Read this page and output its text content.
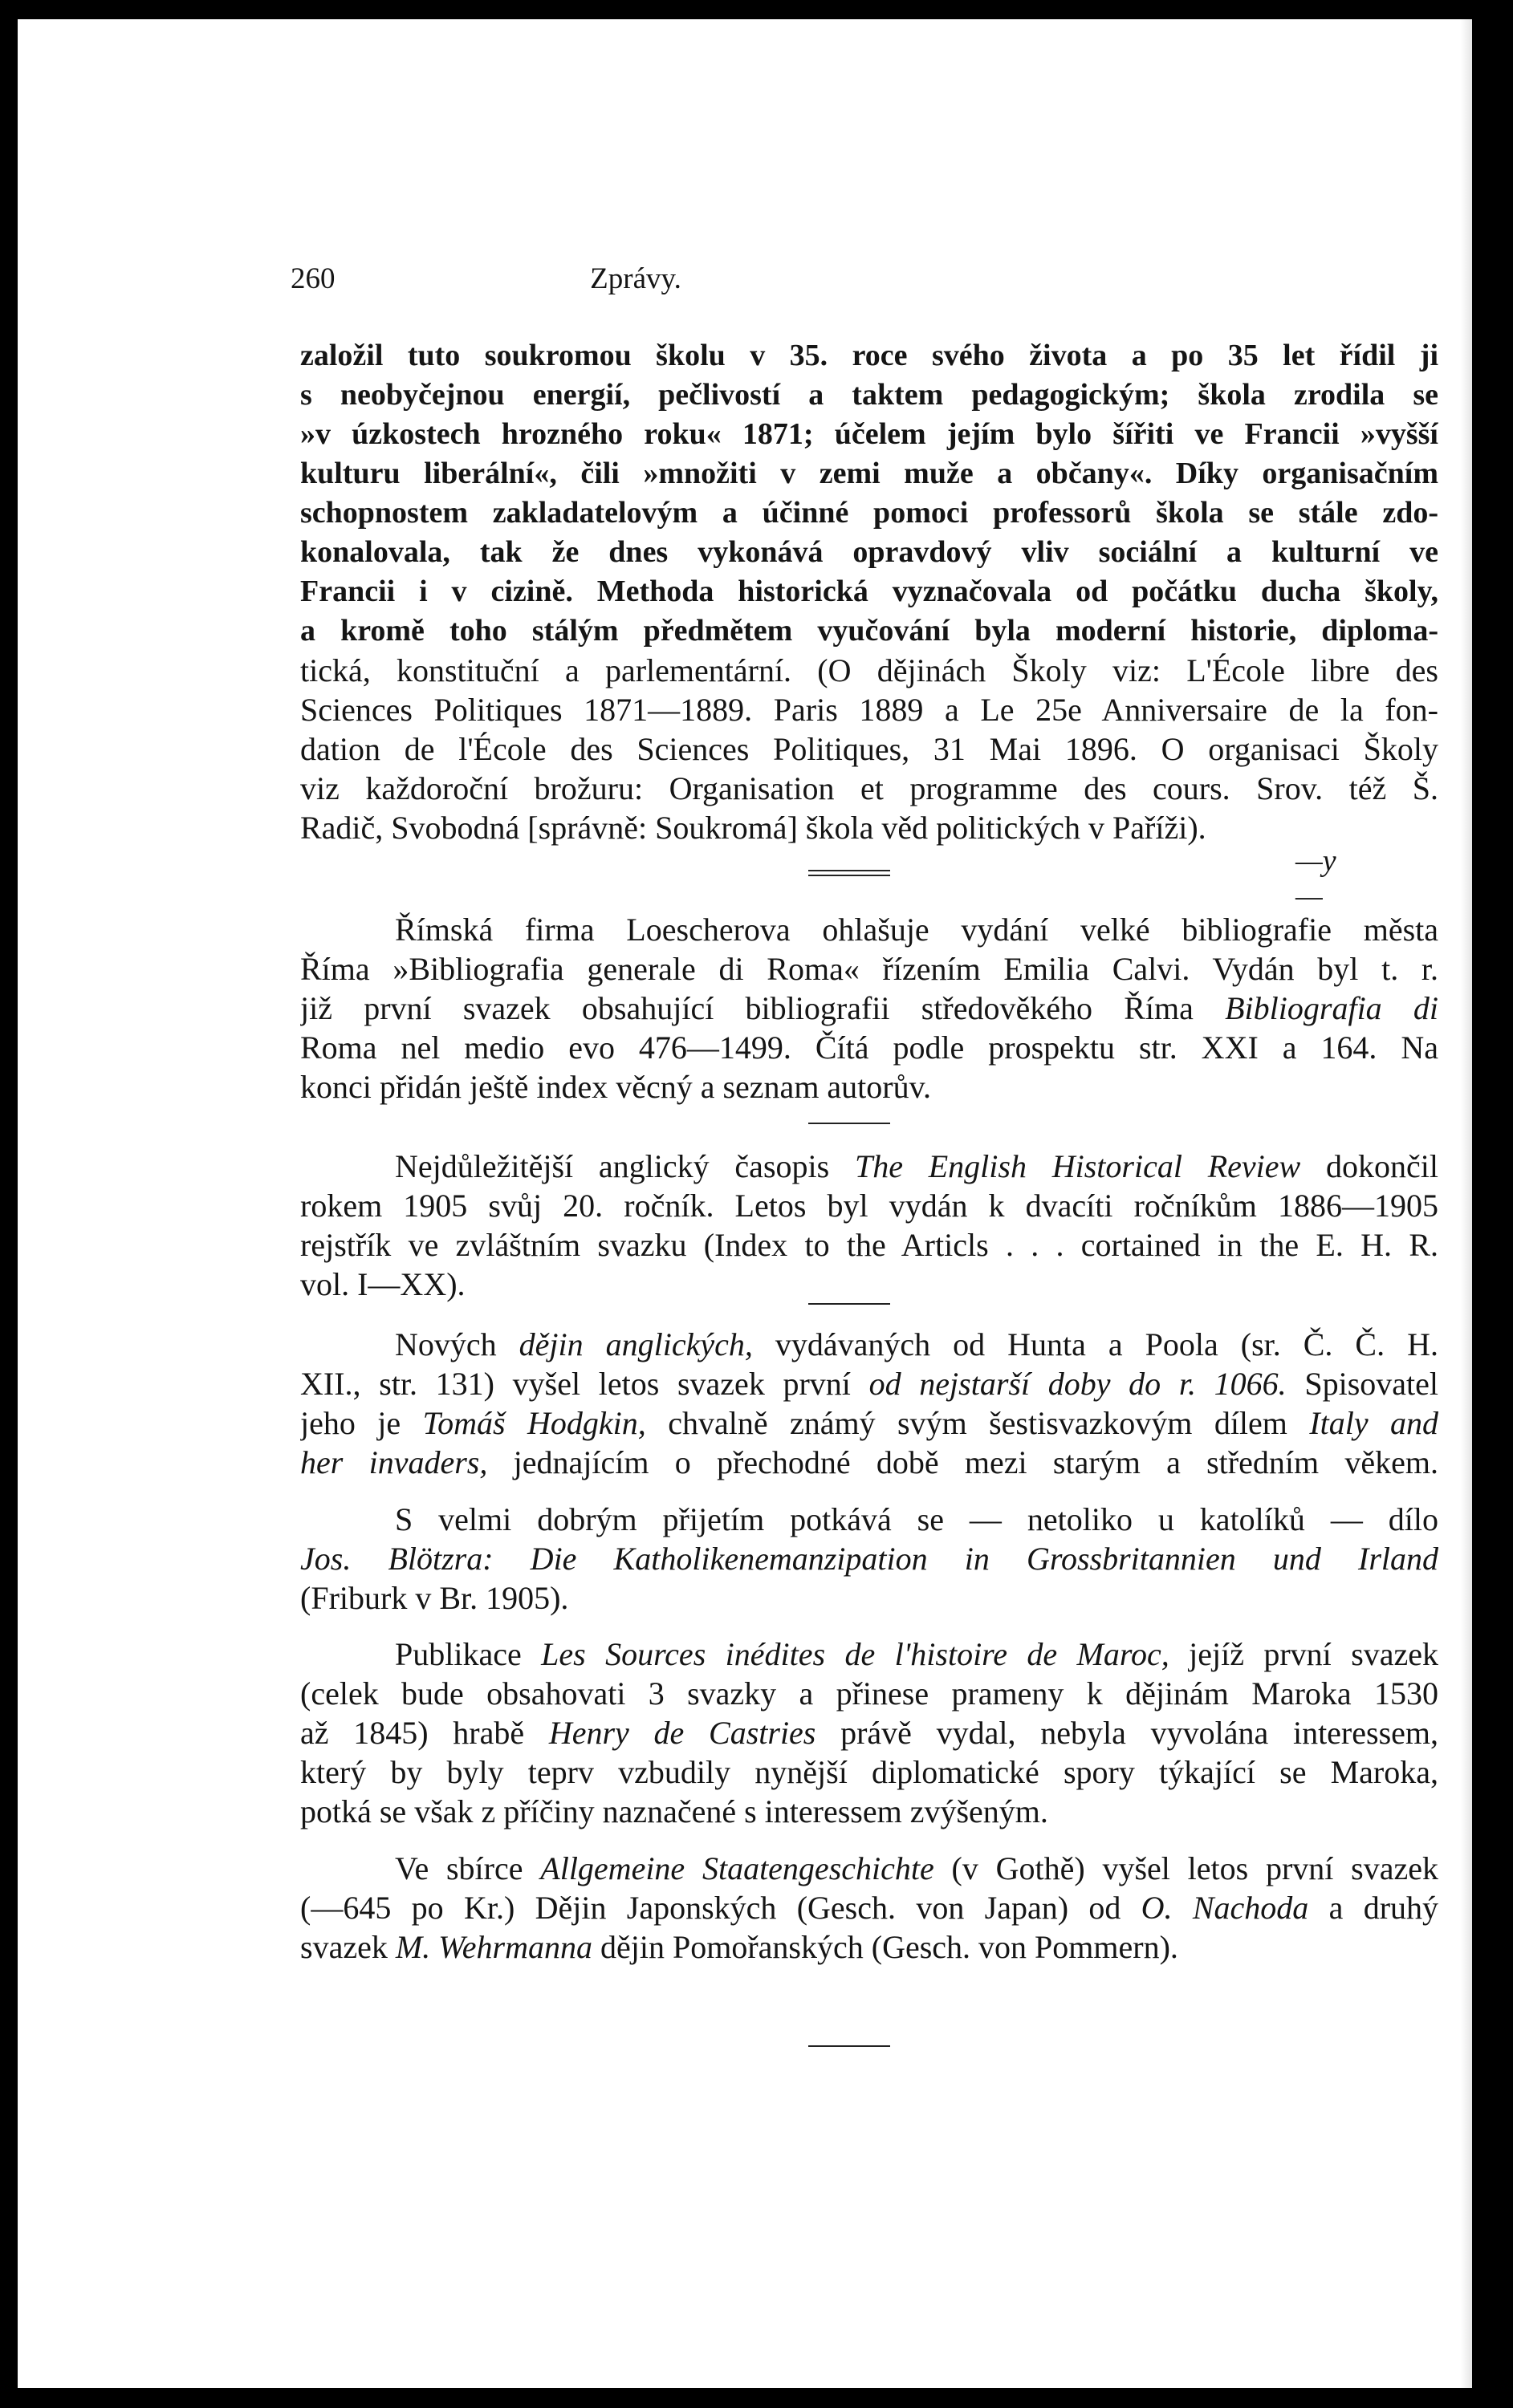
260	Zprávy.
založil tuto soukromou školu v 35. roce svého života a po 35 let řídil ji
s neobyčejnou energií, pečlivostí a taktem pedagogickým; škola zrodila se
»v úzkostech hrozného roku« 1871; účelem jejím bylo šířiti ve Francii »vyšší
kulturu liberální«, čili »množiti v zemi muže a občany«. Díky organisačním
schopnostem zakladatelovým a účinné pomoci professorů škola se stále zdo-
konalovala, tak že dnes vykonává opravdový vliv sociální a kulturní ve
Francii i v cizině. Methoda historická vyznačovala od počátku ducha školy,
a kromě toho stálým předmětem vyučování byla moderní historie, diploma-
tická, konstituční a parlementární. (O dějinách Školy viz: L'École libre des
Sciences Politiques 1871—1889. Paris 1889 a Le 25e Anniversaire de la fon-
dation de l'École des Sciences Politiques, 31 Mai 1896. O organisaci Školy
viz každoroční brožuru: Organisation et programme des cours. Srov. též Š.
Radič, Svobodná [správně: Soukromá] škola věd politických v Paříži).
—y—
Římská firma Loescherova ohlašuje vydání velké bibliografie města
Říma »Bibliografia generale di Roma« řízením Emilia Calvi. Vydán byl t. r.
již první svazek obsahující bibliografii středověkého Říma Bibliografia di
Roma nel medio evo 476—1499. Čítá podle prospektu str. XXI a 164. Na
konci přidán ještě index věcný a seznam autorův.
Nejdůležitější anglický časopis The English Historical Review dokončil
rokem 1905 svůj 20. ročník. Letos byl vydán k dvacíti ročníkům 1886—1905
rejstřík ve zvláštním svazku (Index to the Articls . . . cortained in the E. H. R.
vol. I—XX).
Nových dějin anglických, vydávaných od Hunta a Poola (sr. Č. Č. H.
XII., str. 131) vyšel letos svazek první od nejstarší doby do r. 1066. Spisovatel
jeho je Tomáš Hodgkin, chvalně známý svým šestisvazkovým dílem Italy and
her invaders, jednajícím o přechodné době mezi starým a středním věkem.
S velmi dobrým přijetím potkává se — netoliko u katolíků — dílo
Jos. Blötzra: Die Katholikenemanzipation in Grossbritannien und Irland
(Friburk v Br. 1905).
Publikace Les Sources inédites de l'histoire de Maroc, jejíž první svazek
(celek bude obsahovati 3 svazky a přinese prameny k dějinám Maroka 1530
až 1845) hrabě Henry de Castries právě vydal, nebyla vyvolána interessem,
který by byly teprv vzbudily nynější diplomatické spory týkající se Maroka,
potká se však z příčiny naznačené s interessem zvýšeným.
Ve sbírce Allgemeine Staatengeschichte (v Gothě) vyšel letos první svazek
(—645 po Kr.) Dějin Japonských (Gesch. von Japan) od O. Nachoda a druhý
svazek M. Wehrmanna dějin Pomořanských (Gesch. von Pommern).
